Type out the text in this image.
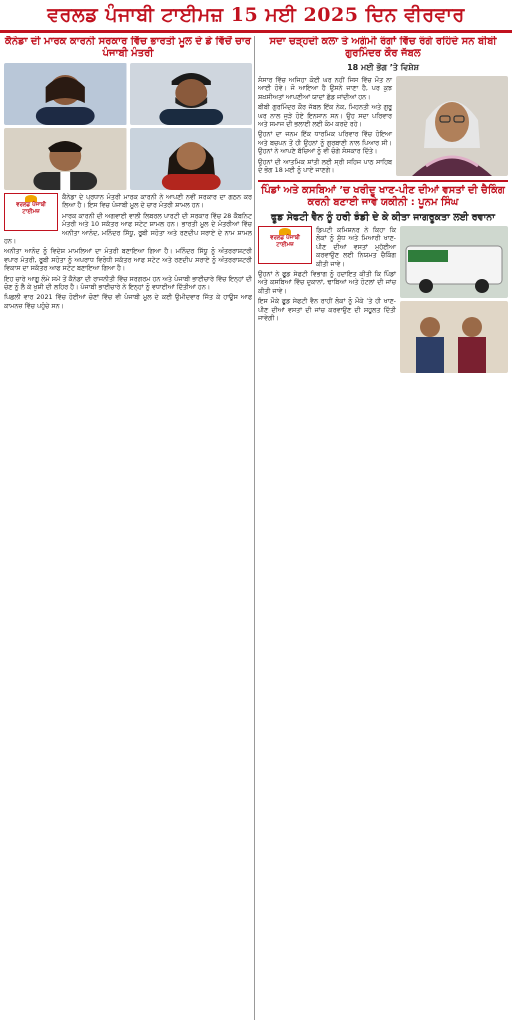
ਵਰਲਡ ਪੰਜਾਬੀ ਟਾਈਮਜ਼ 15 ਮਈ 2025 ਦਿਨ ਵੀਰਵਾਰ
ਕੈਨੇਡਾ ਦੀ ਮਾਰਕ ਕਾਰਨੀ ਸਰਕਾਰ ਵਿੱਚ ਭਾਰਤੀ ਮੂਲ ਦੇ ਡੇ ਵਿੱਚੋਂ ਚਾਰ ਪੰਜਾਬੀ ਮੰਤਰੀ
ਵਰਲਡ ਪੰਜਾਬੀ ਟਾਈਮਜ਼

ਕੈਨੇਡਾ ਦੇ ਪ੍ਰਧਾਨ ਮੰਤਰੀ ਮਾਰਕ ਕਾਰਨੀ ਨੇ ਆਪਣੀ ਨਵੀਂ ਸਰਕਾਰ ਦਾ ਗਠਨ ਕਰ ਲਿਆ ਹੈ। ਇਸ ਵਿਚ ਪੰਜਾਬੀ ਮੂਲ ਦੇ ਚਾਰ ਮੰਤਰੀ ਸ਼ਾਮਲ ਹਨ।

ਮਾਰਕ ਕਾਰਨੀ ਦੀ ਅਗਵਾਈ ਵਾਲੀ ਲਿਬਰਲ ਪਾਰਟੀ ਦੀ ਸਰਕਾਰ ਵਿੱਚ 28 ਕੈਬਨਿਟ ਮੰਤਰੀ ਅਤੇ 10 ਸਕੱਤਰ ਆਫ ਸਟੇਟ ਸ਼ਾਮਲ ਹਨ। ਭਾਰਤੀ ਮੂਲ ਦੇ ਮੰਤਰੀਆਂ ਵਿੱਚ ਅਨੀਤਾ ਆਨੰਦ, ਮਨਿੰਦਰ ਸਿੱਧੂ, ਰੂਬੀ ਸਹੋਤਾ ਅਤੇ ਰਣਦੀਪ ਸਰਾਏ ਦੇ ਨਾਮ ਸ਼ਾਮਲ ਹਨ।

ਅਨੀਤਾ ਆਨੰਦ ਨੂੰ ਵਿਦੇਸ਼ ਮਾਮਲਿਆਂ ਦਾ ਮੰਤਰੀ ਬਣਾਇਆ ਗਿਆ ਹੈ। ਮਨਿੰਦਰ ਸਿੱਧੂ ਨੂੰ ਅੰਤਰਰਾਸ਼ਟਰੀ ਵਪਾਰ ਮੰਤਰੀ, ਰੂਬੀ ਸਹੋਤਾ ਨੂੰ ਅਪਰਾਧ ਵਿਰੋਧੀ ਸਕੱਤਰ ਆਫ ਸਟੇਟ ਅਤੇ ਰਣਦੀਪ ਸਰਾਏ ਨੂੰ ਅੰਤਰਰਾਸ਼ਟਰੀ ਵਿਕਾਸ ਦਾ ਸਕੱਤਰ ਆਫ ਸਟੇਟ ਬਣਾਇਆ ਗਿਆ ਹੈ।

ਇਹ ਚਾਰੇ ਆਗੂ ਲੰਮੇ ਸਮੇਂ ਤੋਂ ਕੈਨੇਡਾ ਦੀ ਰਾਜਨੀਤੀ ਵਿੱਚ ਸਰਗਰਮ ਹਨ ਅਤੇ ਪੰਜਾਬੀ ਭਾਈਚਾਰੇ ਵਿੱਚ ਇਨ੍ਹਾਂ ਦੀ ਚੋਣ ਨੂੰ ਲੈ ਕੇ ਖੁਸ਼ੀ ਦੀ ਲਹਿਰ ਹੈ। ਪੰਜਾਬੀ ਭਾਈਚਾਰੇ ਨੇ ਇਨ੍ਹਾਂ ਨੂੰ ਵਧਾਈਆਂ ਦਿੱਤੀਆਂ ਹਨ।

ਪਿਛਲੀ ਵਾਰ 2021 ਵਿੱਚ ਹੋਈਆਂ ਚੋਣਾਂ ਵਿੱਚ ਵੀ ਪੰਜਾਬੀ ਮੂਲ ਦੇ ਕਈ ਉਮੀਦਵਾਰ ਜਿੱਤ ਕੇ ਹਾਊਸ ਆਫ ਕਾਮਨਜ਼ ਵਿੱਚ ਪਹੁੰਚੇ ਸਨ।

ਸਦਾ ਚੜ੍ਹਦੀ ਕਲਾ ਤੇ ਅਗੰਮੀ ਰੰਗਾਂ ਵਿੱਚ ਰੰਗੇ ਰਹਿੰਦੇ ਸਨ ਬੀਬੀ ਗੁਰਮਿੰਦਰ ਕੌਰ ਜੱਬਲ
18 ਮਈ ਭੋਗ ’ਤੇ ਵਿਸ਼ੇਸ਼

ਸੰਸਾਰ ਵਿੱਚ ਅਜਿਹਾ ਕੋਈ ਘਰ ਨਹੀਂ ਜਿਸ ਵਿੱਚ ਮੌਤ ਨਾ ਆਈ ਹੋਵੇ। ਜੋ ਆਇਆ ਹੈ ਉਸਨੇ ਜਾਣਾ ਹੈ, ਪਰ ਕੁਝ ਸ਼ਖ਼ਸੀਅਤਾਂ ਆਪਣੀਆਂ ਯਾਦਾਂ ਛੱਡ ਜਾਂਦੀਆਂ ਹਨ।

ਬੀਬੀ ਗੁਰਮਿੰਦਰ ਕੌਰ ਜੱਬਲ ਇੱਕ ਨੇਕ, ਮਿਹਨਤੀ ਅਤੇ ਗੁਰੂ ਘਰ ਨਾਲ ਜੁੜੇ ਹੋਏ ਇਨਸਾਨ ਸਨ। ਉਹ ਸਦਾ ਪਰਿਵਾਰ ਅਤੇ ਸਮਾਜ ਦੀ ਭਲਾਈ ਲਈ ਕੰਮ ਕਰਦੇ ਰਹੇ।

ਉਹਨਾਂ ਦਾ ਜਨਮ ਇੱਕ ਧਾਰਮਿਕ ਪਰਿਵਾਰ ਵਿੱਚ ਹੋਇਆ ਅਤੇ ਬਚਪਨ ਤੋਂ ਹੀ ਉਹਨਾਂ ਨੂੰ ਗੁਰਬਾਣੀ ਨਾਲ ਪਿਆਰ ਸੀ। ਉਹਨਾਂ ਨੇ ਆਪਣੇ ਬੱਚਿਆਂ ਨੂੰ ਵੀ ਚੰਗੇ ਸੰਸਕਾਰ ਦਿੱਤੇ।

ਉਹਨਾਂ ਦੀ ਆਤਮਿਕ ਸ਼ਾਂਤੀ ਲਈ ਸ੍ਰੀ ਸਹਿਜ ਪਾਠ ਸਾਹਿਬ ਦੇ ਭੋਗ 18 ਮਈ ਨੂੰ ਪਾਏ ਜਾਣਗੇ।

ਪਿੰਡਾਂ ਅਤੇ ਕਸਬਿਆਂ ’ਚ ਖਰੀਦੂ ਖਾਣ-ਪੀਣ ਦੀਆਂ ਵਸਤਾਂ ਦੀ ਚੈਕਿੰਗ ਕਰਨੀ ਬਣਾਈ ਜਾਵੇ ਯਕੀਨੀ : ਪੂਨਮ ਸਿੰਘ
ਫੂਡ ਸੇਫਟੀ ਵੈਨ ਨੂੰ ਹਰੀ ਝੰਡੀ ਦੇ ਕੇ ਕੀਤਾ ਜਾਗਰੂਕਤਾ ਲਈ ਰਵਾਨਾ
ਵਰਲਡ ਪੰਜਾਬੀ ਟਾਈਮਜ਼

ਡਿਪਟੀ ਕਮਿਸ਼ਨਰ ਨੇ ਕਿਹਾ ਕਿ ਲੋਕਾਂ ਨੂੰ ਸ਼ੁੱਧ ਅਤੇ ਮਿਆਰੀ ਖਾਣ-ਪੀਣ ਦੀਆਂ ਵਸਤਾਂ ਮੁਹੱਈਆ ਕਰਵਾਉਣ ਲਈ ਨਿਯਮਤ ਚੈਕਿੰਗ ਕੀਤੀ ਜਾਵੇ।

ਉਹਨਾਂ ਨੇ ਫੂਡ ਸੇਫਟੀ ਵਿਭਾਗ ਨੂੰ ਹਦਾਇਤ ਕੀਤੀ ਕਿ ਪਿੰਡਾਂ ਅਤੇ ਕਸਬਿਆਂ ਵਿੱਚ ਦੁਕਾਨਾਂ, ਢਾਬਿਆਂ ਅਤੇ ਹੋਟਲਾਂ ਦੀ ਜਾਂਚ ਕੀਤੀ ਜਾਵੇ।

ਇਸ ਮੌਕੇ ਫੂਡ ਸੇਫਟੀ ਵੈਨ ਰਾਹੀਂ ਲੋਕਾਂ ਨੂੰ ਮੌਕੇ ’ਤੇ ਹੀ ਖਾਣ-ਪੀਣ ਦੀਆਂ ਵਸਤਾਂ ਦੀ ਜਾਂਚ ਕਰਵਾਉਣ ਦੀ ਸਹੂਲਤ ਦਿੱਤੀ ਜਾਵੇਗੀ।
